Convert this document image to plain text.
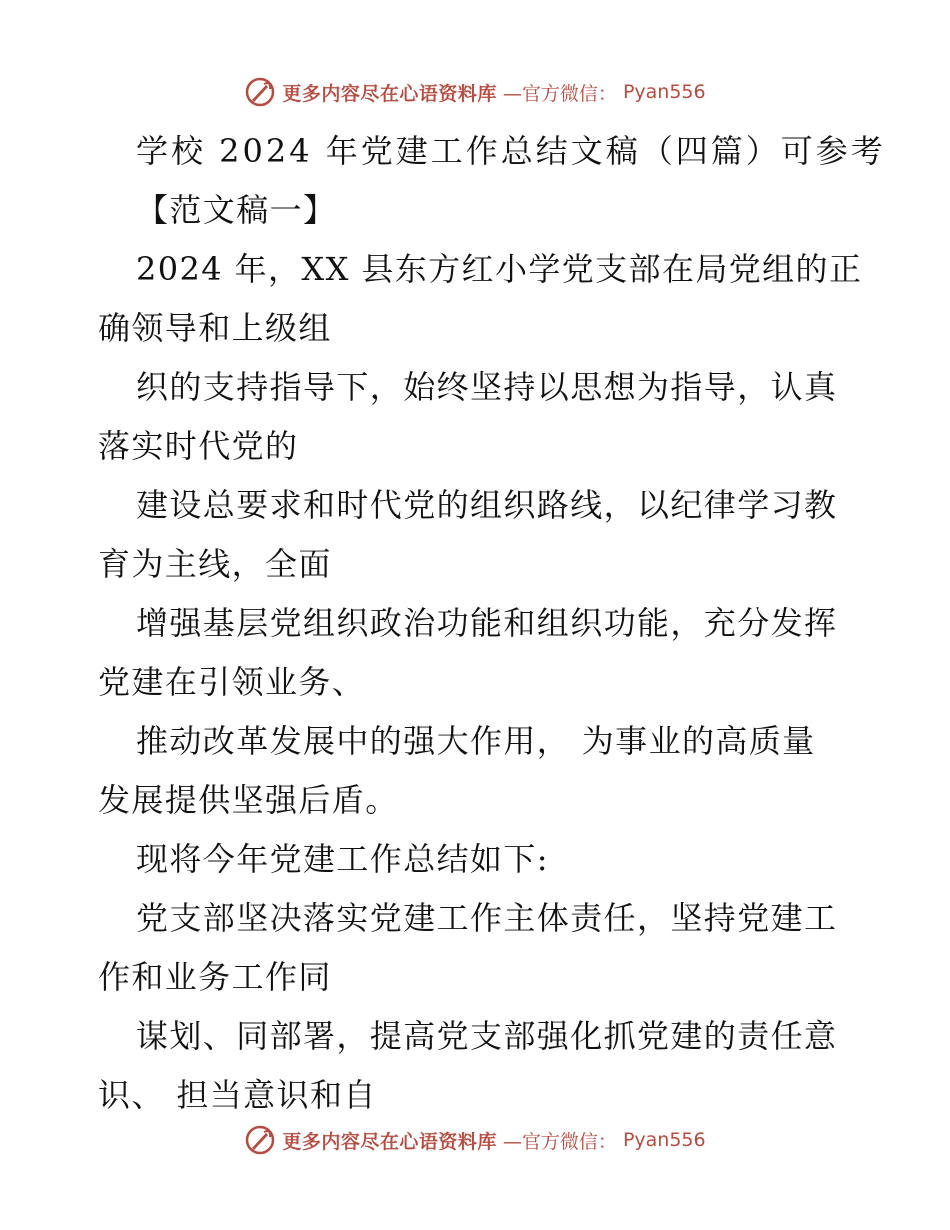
更多内容尽在心语资料库 —官方微信： Pyan556
学校 2024 年党建工作总结文稿（四篇）可参考
【范文稿一】
2024 年，XX 县东方红小学党支部在局党组的正
确领导和上级组
织的支持指导下，始终坚持以思想为指导，认真
落实时代党的
建设总要求和时代党的组织路线，以纪律学习教
育为主线，全面
增强基层党组织政治功能和组织功能，充分发挥
党建在引领业务、
推动改革发展中的强大作用， 为事业的高质量
发展提供坚强后盾。
现将今年党建工作总结如下:
党支部坚决落实党建工作主体责任，坚持党建工
作和业务工作同
谋划、同部署，提高党支部强化抓党建的责任意
识、 担当意识和自
更多内容尽在心语资料库 —官方微信： Pyan556
